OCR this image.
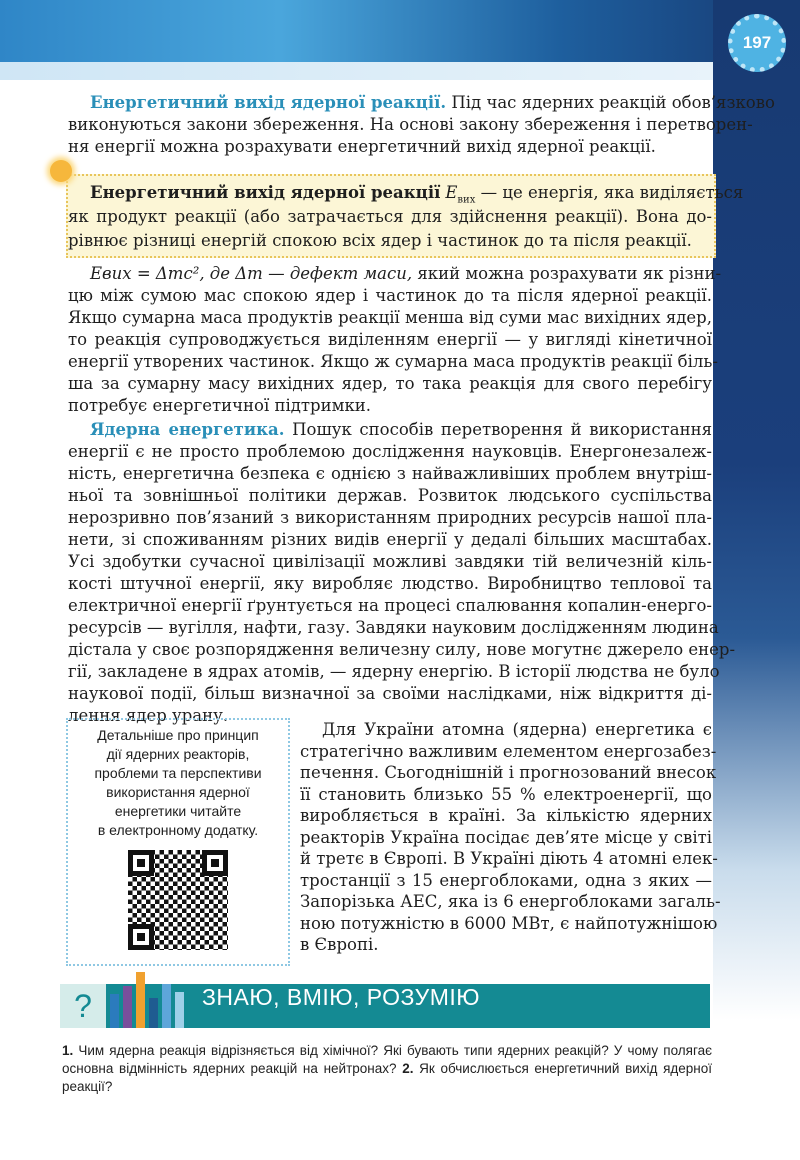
197
Енергетичний вихід ядерної реакції. Під час ядерних реакцій обов’язково
виконуються закони збереження. На основі закону збереження і перетворен-
ня енергії можна розрахувати енергетичний вихід ядерної реакції.
Енергетичний вихід ядерної реакції $E_{вих}$ — це енергія, яка виділяється
як продукт реакції (або затрачається для здійснення реакції). Вона до-
рівнює різниці енергій спокою всіх ядер і частинок до та після реакції.
Eвих = Δmc², де Δm — дефект маси, який можна розрахувати як різни-
цю між сумою мас спокою ядер і частинок до та після ядерної реакції.
Якщо сумарна маса продуктів реакції менша від суми мас вихідних ядер,
то реакція супроводжується виділенням енергії — у вигляді кінетичної
енергії утворених частинок. Якщо ж сумарна маса продуктів реакції біль-
ша за сумарну масу вихідних ядер, то така реакція для свого перебігу
потребує енергетичної підтримки.
Ядерна енергетика. Пошук способів перетворення й використання
енергії є не просто проблемою дослідження науковців. Енергонезалеж-
ність, енергетична безпека є однією з найважливіших проблем внутріш-
ньої та зовнішньої політики держав. Розвиток людського суспільства
нерозривно пов’язаний з використанням природних ресурсів нашої пла-
нети, зі споживанням різних видів енергії у дедалі більших масштабах.
Усі здобутки сучасної цивілізації можливі завдяки тій величезній кіль-
кості штучної енергії, яку виробляє людство. Виробництво теплової та
електричної енергії ґрунтується на процесі спалювання копалин-енерго-
ресурсів — вугілля, нафти, газу. Завдяки науковим дослідженням людина
дістала у своє розпорядження величезну силу, нове могутнє джерело енер-
гії, закладене в ядрах атомів, — ядерну енергію. В історії людства не було
наукової події, більш визначної за своїми наслідками, ніж відкриття ді-
лення ядер урану.
Детальніше про принцип
дії ядерних реакторів,
проблеми та перспективи
використання ядерної
енергетики читайте
в електронному додатку.
Для України атомна (ядерна) енергетика є
стратегічно важливим елементом енергозабез-
печення. Сьогоднішній і прогнозований внесок
її становить близько 55 % електроенергії, що
виробляється в країні. За кількістю ядерних
реакторів Україна посідає дев’яте місце у світі
й третє в Європі. В Україні діють 4 атомні елек-
тростанції з 15 енергоблоками, одна з яких —
Запорізька АЕС, яка із 6 енергоблоками загаль-
ною потужністю в 6000 МВт, є найпотужнішою
в Європі.
?	ЗНАЮ, ВМІЮ, РОЗУМІЮ
1. Чим ядерна реакція відрізняється від хімічної? Які бувають типи ядерних реакцій? У чому полягає основна відмінність ядерних реакцій на нейтронах? 2. Як обчислюється енергетичний вихід ядерної реакції?
